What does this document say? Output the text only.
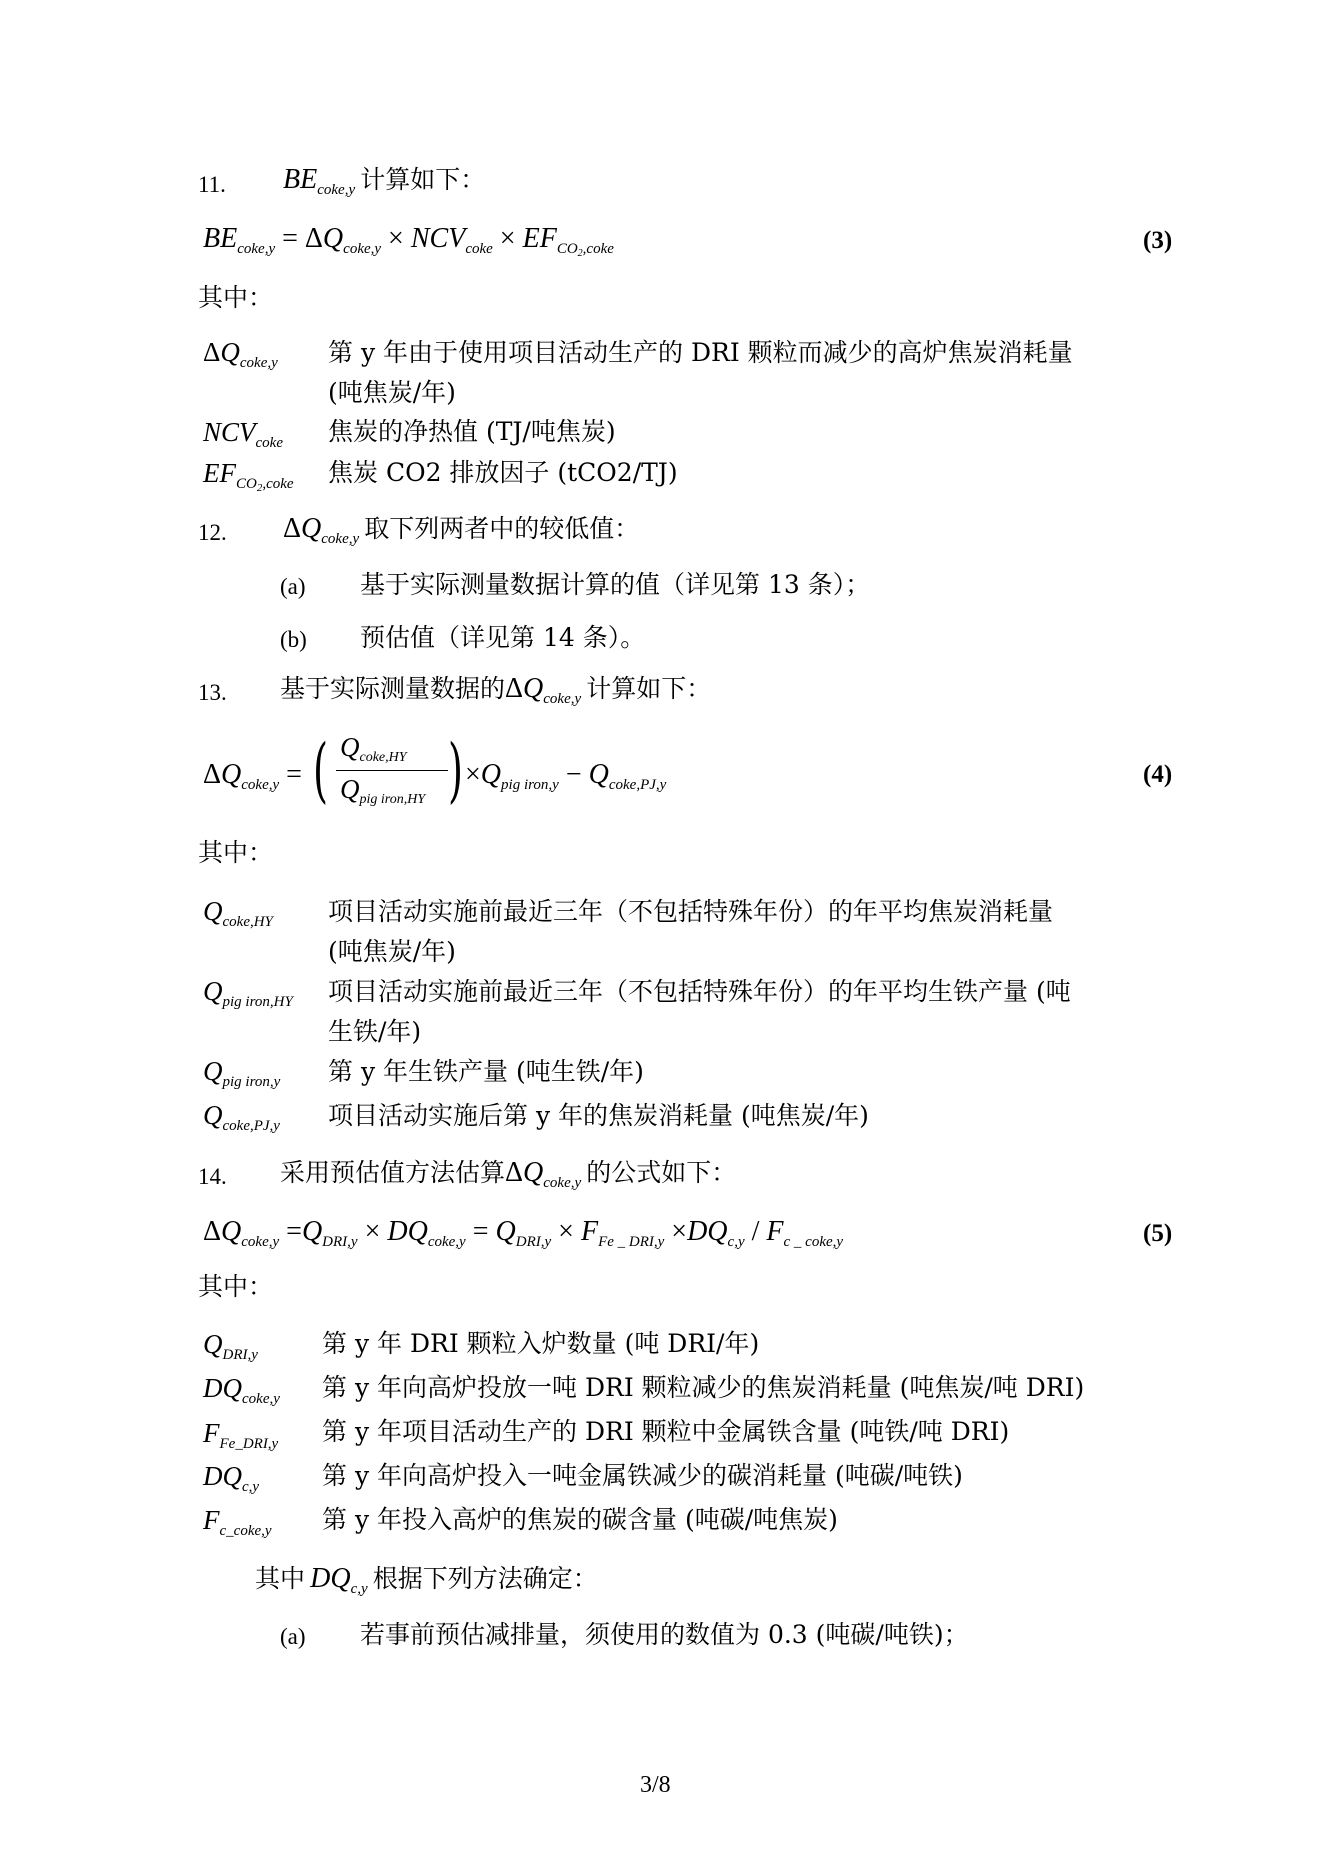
11. $BE_{coke,y}$ 计算如下：
$BE_{coke,y} = \Delta Q_{coke,y} \times NCV_{coke} \times EF_{CO_2,coke}$	(3)
其中：
$\Delta Q_{coke,y}$ 第 y 年由于使用项目活动生产的 DRI 颗粒而减少的高炉焦炭消耗量
(吨焦炭/年)
$NCV_{coke}$ 焦炭的净热值 (TJ/吨焦炭)
$EF_{CO_2,coke}$ 焦炭 CO2 排放因子 (tCO2/TJ)
12. $\Delta Q_{coke,y}$ 取下列两者中的较低值：
(a) 基于实际测量数据计算的值（详见第 13 条）；
(b) 预估值（详见第 14 条）。
13. 基于实际测量数据的$\Delta Q_{coke,y}$ 计算如下：
$\Delta Q_{coke,y}$ = ( $Q_{coke,HY}$
$Q_{pig iron,HY}$ ) $\times Q_{pig iron,y} - Q_{coke,PJ,y}$	(4)
其中：
$Q_{coke,HY}$ 项目活动实施前最近三年（不包括特殊年份）的年平均焦炭消耗量
(吨焦炭/年)
$Q_{pig iron,HY}$ 项目活动实施前最近三年（不包括特殊年份）的年平均生铁产量 (吨
生铁/年)
$Q_{pig iron,y}$ 第 y 年生铁产量 (吨生铁/年)
$Q_{coke,PJ,y}$ 项目活动实施后第 y 年的焦炭消耗量 (吨焦炭/年)
14. 采用预估值方法估算$\Delta Q_{coke,y}$ 的公式如下：
$\Delta Q_{coke,y} =Q_{DRI,y} \times DQ_{coke,y} = Q_{DRI,y} \times F_{Fe \_ DRI,y} \times DQ_{c,y} / F_{c \_ coke,y}$	(5)
其中：
$Q_{DRI,y}$	第 y 年 DRI 颗粒入炉数量 (吨 DRI/年)
$DQ_{coke,y}$ 第 y 年向高炉投放一吨 DRI 颗粒减少的焦炭消耗量 (吨焦炭/吨 DRI)
$F_{Fe\_DRI,y}$ 第 y 年项目活动生产的 DRI 颗粒中金属铁含量 (吨铁/吨 DRI)
$DQ_{c,y}$	第 y 年向高炉投入一吨金属铁减少的碳消耗量 (吨碳/吨铁)
$F_{c\_coke,y}$ 第 y 年投入高炉的焦炭的碳含量 (吨碳/吨焦炭)
其中 $DQ_{c,y}$ 根据下列方法确定：
(a) 若事前预估减排量，须使用的数值为 0.3 (吨碳/吨铁)；
3/8
